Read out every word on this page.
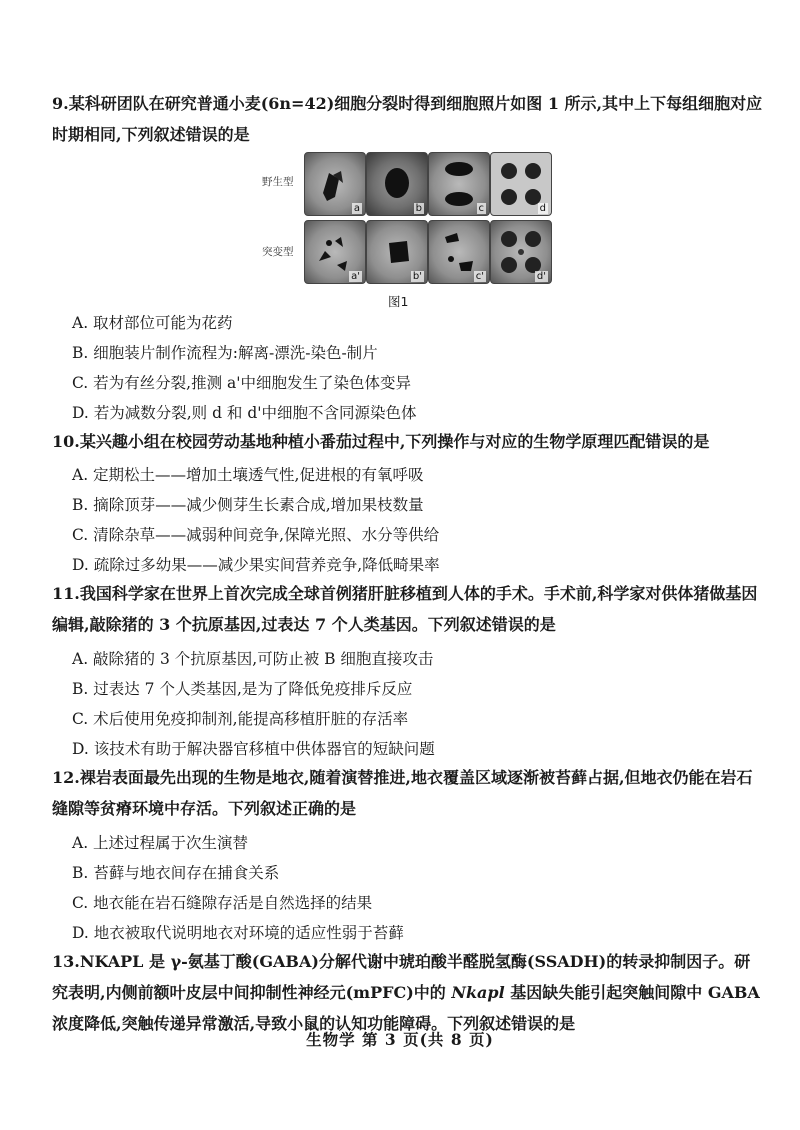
9.某科研团队在研究普通小麦(6n=42)细胞分裂时得到细胞照片如图 1 所示,其中上下每组细胞对应时期相同,下列叙述错误的是

野生型
突变型
a	b	c	d
a'	b'	c'	d'
图1
A. 取材部位可能为花药
B. 细胞装片制作流程为:解离-漂洗-染色-制片
C. 若为有丝分裂,推测 a'中细胞发生了染色体变异
D. 若为减数分裂,则 d 和 d'中细胞不含同源染色体

10.某兴趣小组在校园劳动基地种植小番茄过程中,下列操作与对应的生物学原理匹配错误的是

A. 定期松土——增加土壤透气性,促进根的有氧呼吸
B. 摘除顶芽——减少侧芽生长素合成,增加果枝数量
C. 清除杂草——减弱种间竞争,保障光照、水分等供给
D. 疏除过多幼果——减少果实间营养竞争,降低畸果率

11.我国科学家在世界上首次完成全球首例猪肝脏移植到人体的手术。手术前,科学家对供体猪做基因编辑,敲除猪的 3 个抗原基因,过表达 7 个人类基因。下列叙述错误的是

A. 敲除猪的 3 个抗原基因,可防止被 B 细胞直接攻击
B. 过表达 7 个人类基因,是为了降低免疫排斥反应
C. 术后使用免疫抑制剂,能提高移植肝脏的存活率
D. 该技术有助于解决器官移植中供体器官的短缺问题

12.裸岩表面最先出现的生物是地衣,随着演替推进,地衣覆盖区域逐渐被苔藓占据,但地衣仍能在岩石缝隙等贫瘠环境中存活。下列叙述正确的是

A. 上述过程属于次生演替
B. 苔藓与地衣间存在捕食关系
C. 地衣能在岩石缝隙存活是自然选择的结果
D. 地衣被取代说明地衣对环境的适应性弱于苔藓

13.NKAPL 是 γ-氨基丁酸(GABA)分解代谢中琥珀酸半醛脱氢酶(SSADH)的转录抑制因子。研究表明,内侧前额叶皮层中间抑制性神经元(mPFC)中的 Nkapl 基因缺失能引起突触间隙中 GABA 浓度降低,突触传递异常激活,导致小鼠的认知功能障碍。下列叙述错误的是

生物学 第 3 页(共 8 页)
